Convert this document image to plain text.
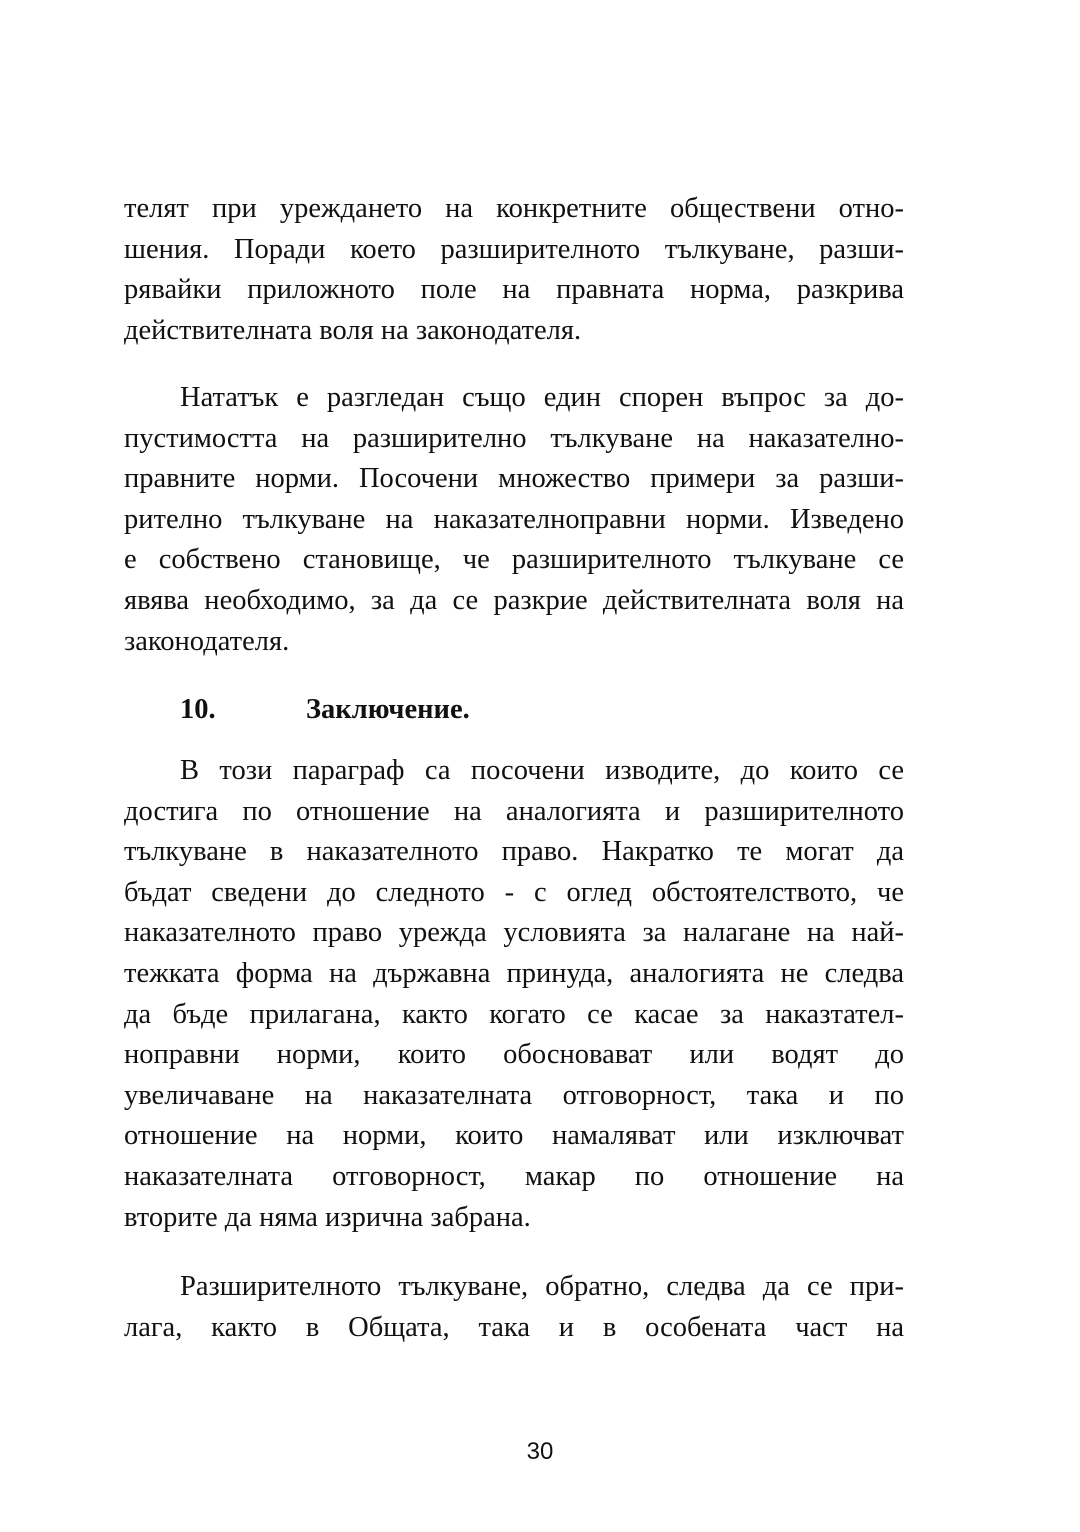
телят при уреждането на конкретните обществени отно-
шения. Поради което разширителното тълкуване, разши-
рявайки приложното поле на правната норма, разкрива
действителната воля на законодателя.
Нататък е разгледан също един спорен въпрос за до-
пустимостта на разширително тълкуване на наказателно-
правните норми. Посочени множество примери за разши-
рително тълкуване на наказателноправни норми. Изведено
е собствено становище, че разширителното тълкуване се
явява необходимо, за да се разкрие действителната воля на
законодателя.
10.	Заключение.
В този параграф са посочени изводите, до които се
достига по отношение на аналогията и разширителното
тълкуване в наказателното право. Накратко те могат да
бъдат сведени до следното - с оглед обстоятелството, че
наказателното право урежда условията за налагане на най-
тежката форма на държавна принуда, аналогията не следва
да бъде прилагана, както когато се касае за наказтател-
ноправни норми, които обосновават или водят до
увеличаване на наказателната отговорност, така и по
отношение на норми, които намаляват или изключват
наказателната отговорност, макар по отношение на
вторите да няма изрична забрана.
Разширителното тълкуване, обратно, следва да се при-
лага, както в Общата, така и в особената част на
30
